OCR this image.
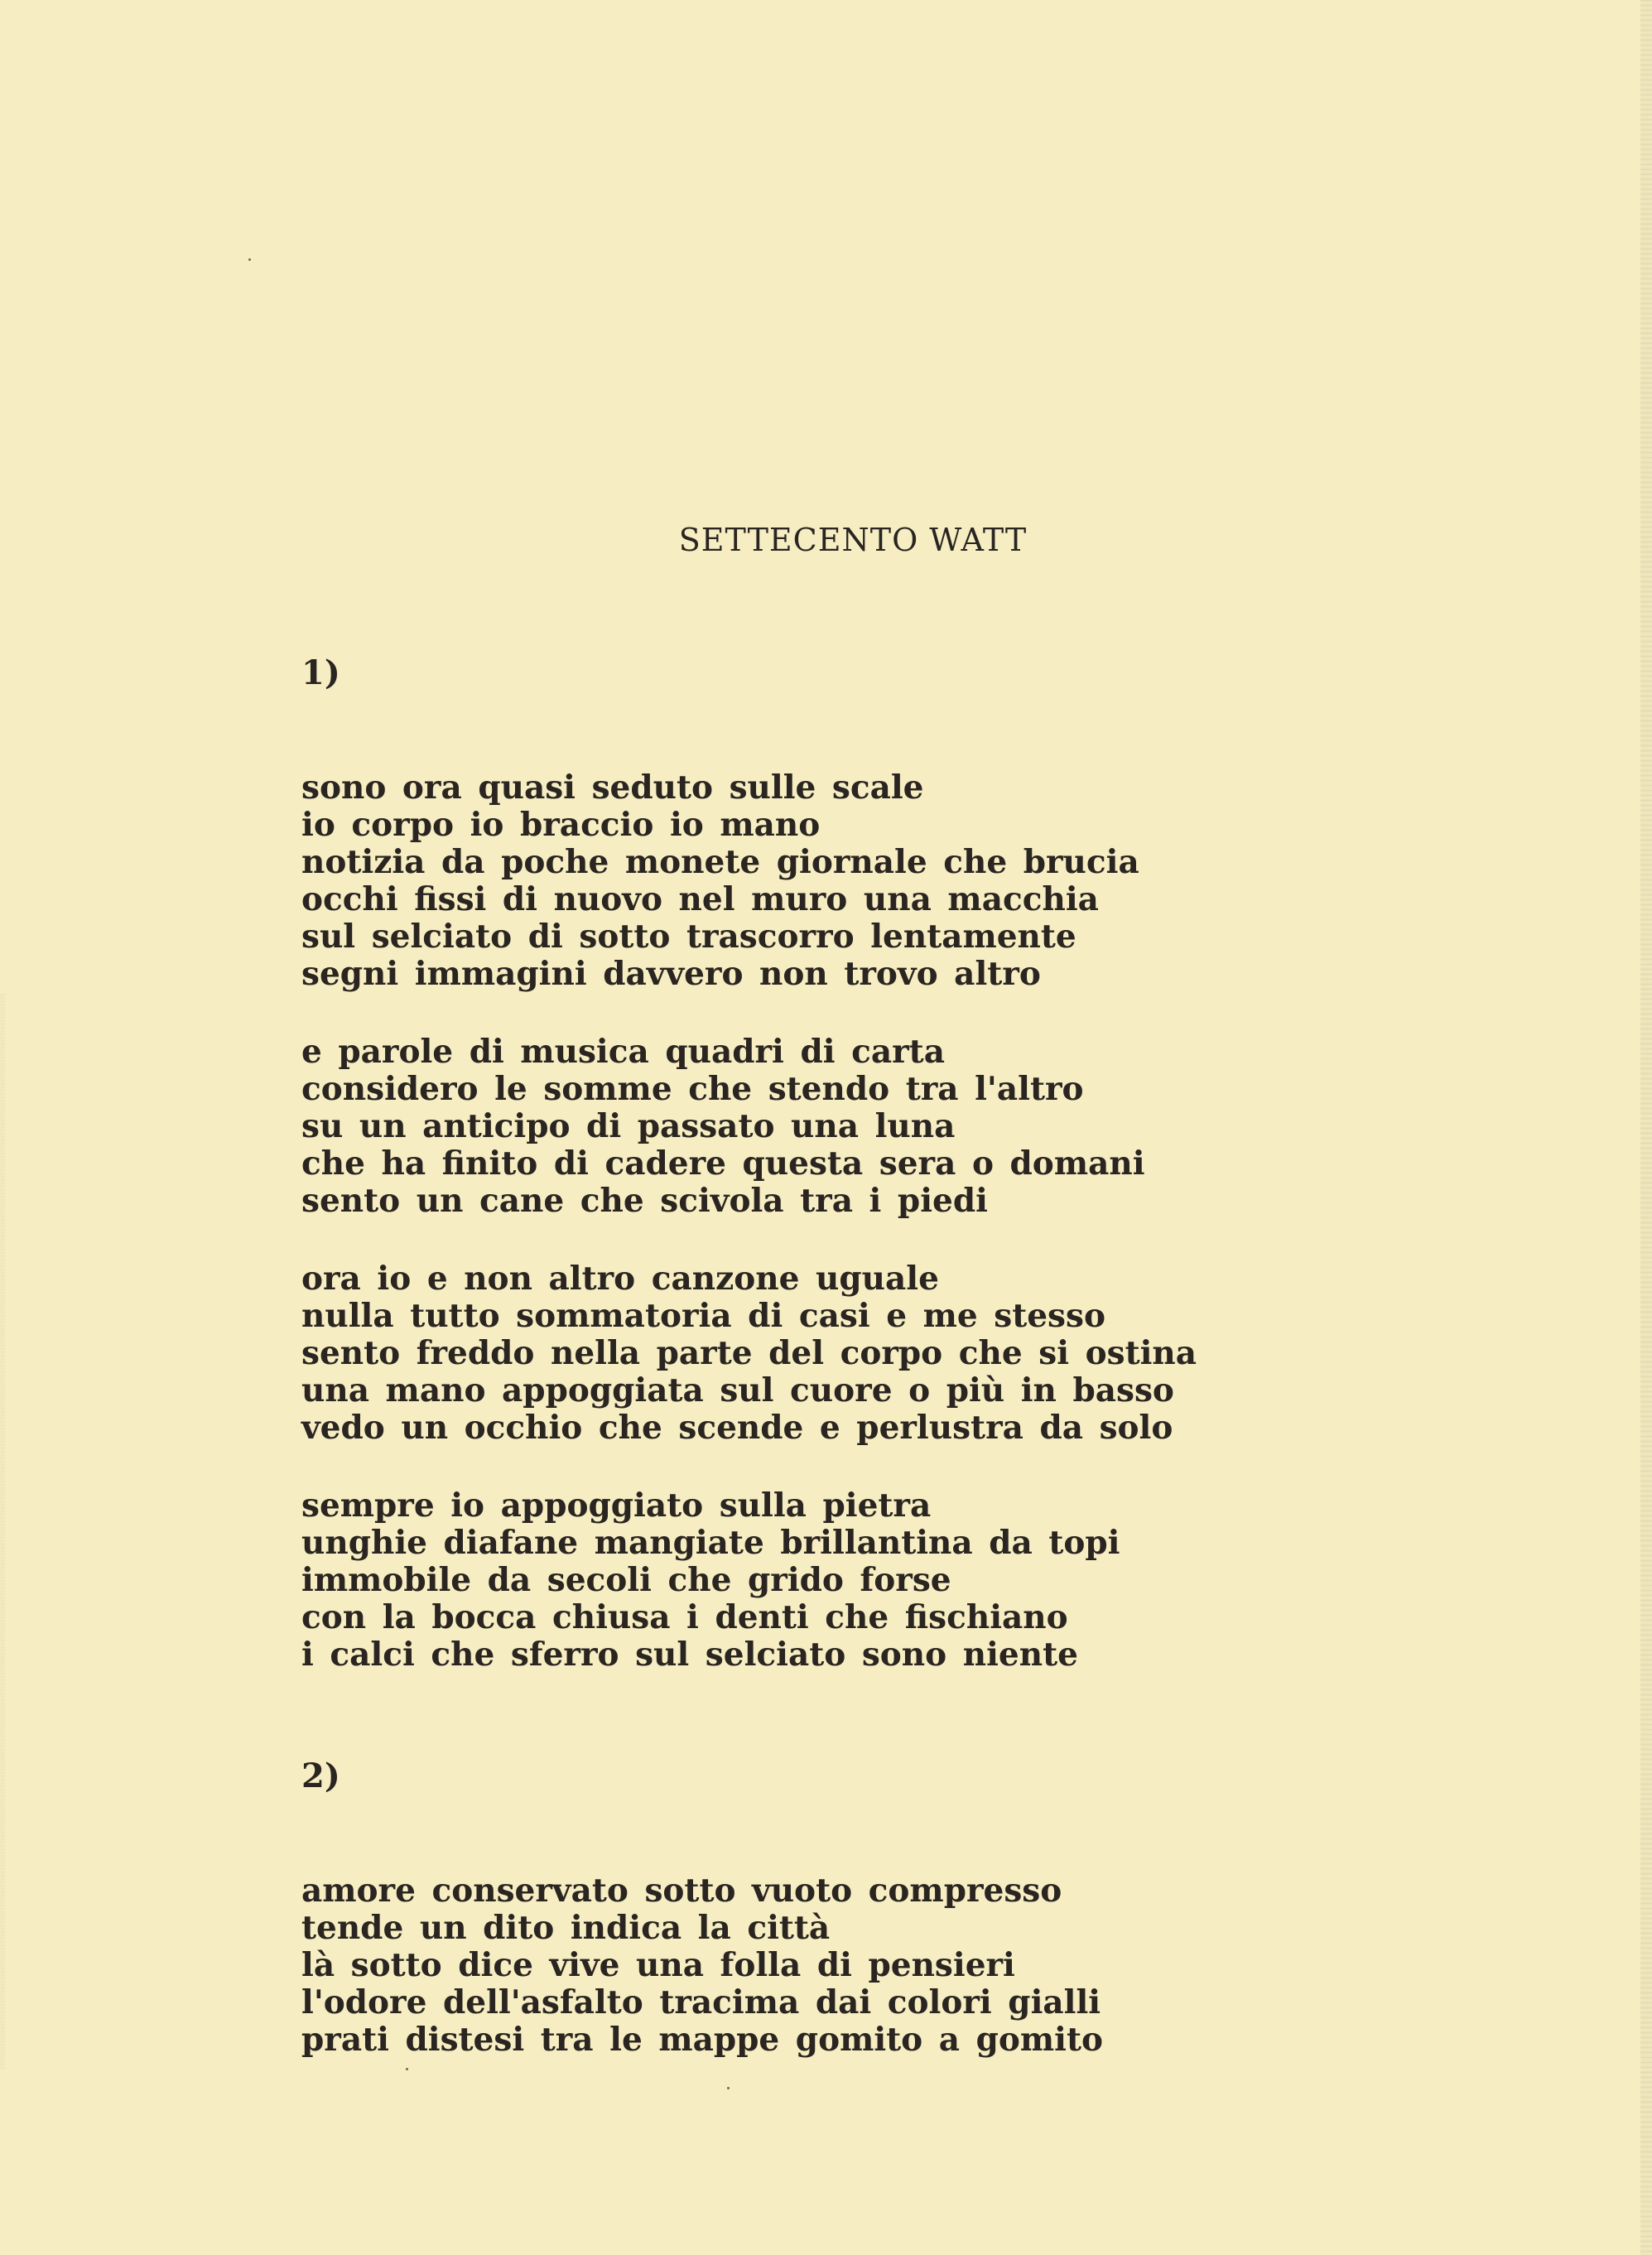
SETTECENTO WATT

1)

sono ora quasi seduto sulle scale
io corpo io braccio io mano
notizia da poche monete giornale che brucia
occhi fissi di nuovo nel muro una macchia
sul selciato di sotto trascorro lentamente
segni immagini davvero non trovo altro
e parole di musica quadri di carta
considero le somme che stendo tra l'altro
su un anticipo di passato una luna
che ha finito di cadere questa sera o domani
sento un cane che scivola tra i piedi
ora io e non altro canzone uguale
nulla tutto sommatoria di casi e me stesso
sento freddo nella parte del corpo che si ostina
una mano appoggiata sul cuore o più in basso
vedo un occhio che scende e perlustra da solo
sempre io appoggiato sulla pietra
unghie diafane mangiate brillantina da topi
immobile da secoli che grido forse
con la bocca chiusa i denti che fischiano
i calci che sferro sul selciato sono niente

2)

amore conservato sotto vuoto compresso
tende un dito indica la città
là sotto dice vive una folla di pensieri
l'odore dell'asfalto tracima dai colori gialli
prati distesi tra le mappe gomito a gomito
